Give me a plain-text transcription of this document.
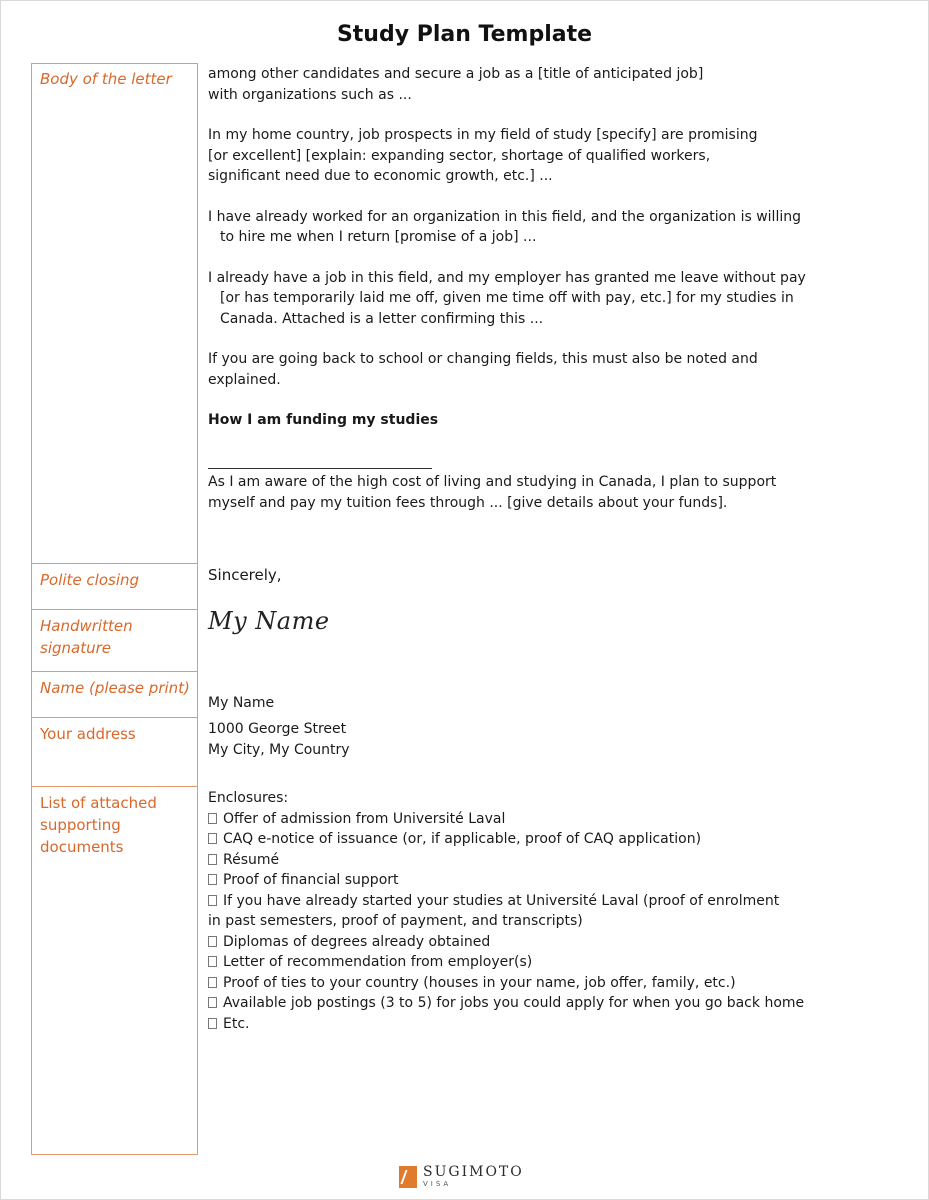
Study Plan Template
Body of the letter
Polite closing
Handwritten signature
Name (please print)
Your address
List of attached supporting documents

among other candidates and secure a job as a [title of anticipated job] with organizations such as ...

In my home country, job prospects in my field of study [specify] are promising [or excellent] [explain: expanding sector, shortage of qualified workers, significant need due to economic growth, etc.] ...

I have already worked for an organization in this field, and the organization is willing to hire me when I return [promise of a job] ...

I already have a job in this field, and my employer has granted me leave without pay [or has temporarily laid me off, given me time off with pay, etc.] for my studies in Canada. Attached is a letter confirming this ...

If you are going back to school or changing fields, this must also be noted and explained.

How I am funding my studies

As I am aware of the high cost of living and studying in Canada, I plan to support myself and pay my tuition fees through ... [give details about your funds].

Sincerely,
My Name
My Name
1000 George Street
My City, My Country
Enclosures:
Offer of admission from Université Laval
CAQ e-notice of issuance (or, if applicable, proof of CAQ application)
Résumé
Proof of financial support
If you have already started your studies at Université Laval (proof of enrolment
in past semesters, proof of payment, and transcripts)
Diplomas of degrees already obtained
Letter of recommendation from employer(s)
Proof of ties to your country (houses in your name, job offer, family, etc.)
Available job postings (3 to 5) for jobs you could apply for when you go back home
Etc.
SUGIMOTO
VISA
